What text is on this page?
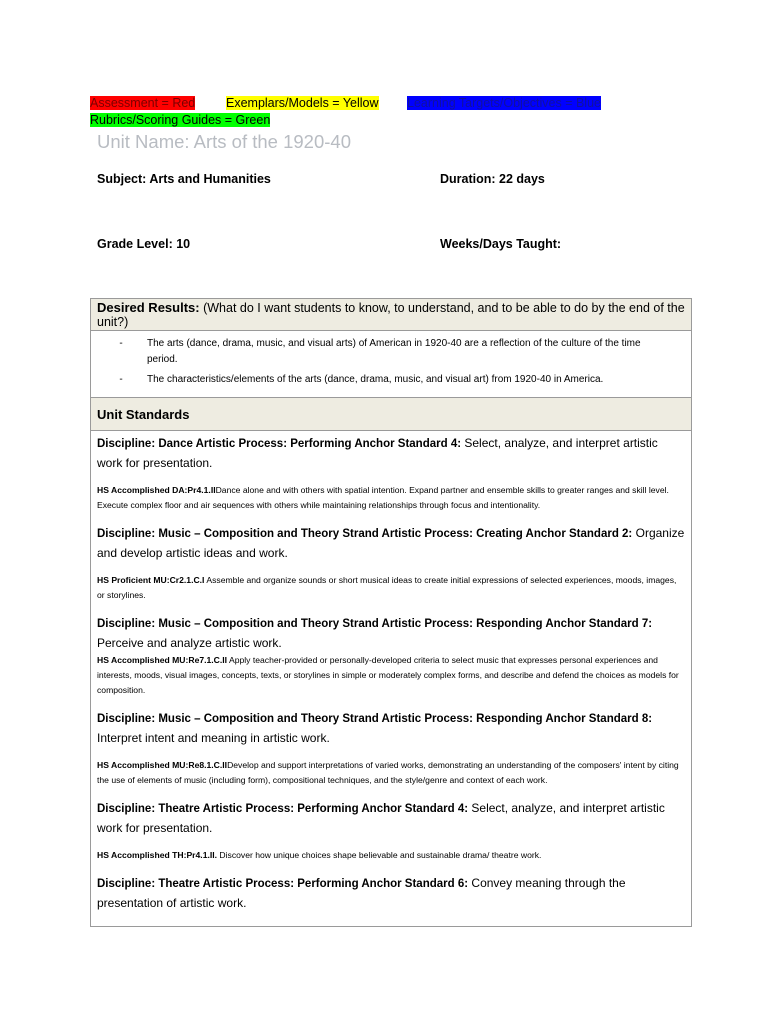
Assessment = Red Exemplars/Models = Yellow Learning Targets/Objectives = Blue
Rubrics/Scoring Guides = Green
Unit Name: Arts of the 1920-40
Subject: Arts and Humanities	Duration: 22 days
Grade Level: 10	Weeks/Days Taught:
Desired Results: (What do I want students to know, to understand, and to be able to do by the end of the unit?)
-	The arts (dance, drama, music, and visual arts) of American in 1920-40 are a reflection of the culture of the time period.
-	The characteristics/elements of the arts (dance, drama, music, and visual art) from 1920-40 in America.
Unit Standards

Discipline: Dance Artistic Process: Performing Anchor Standard 4: Select, analyze, and interpret artistic work for presentation.

HS Accomplished DA:Pr4.1.IIDance alone and with others with spatial intention. Expand partner and ensemble skills to greater ranges and skill level. Execute complex floor and air sequences with others while maintaining relationships through focus and intentionality.

Discipline: Music – Composition and Theory Strand Artistic Process: Creating Anchor Standard 2: Organize and develop artistic ideas and work.

HS Proficient MU:Cr2.1.C.I Assemble and organize sounds or short musical ideas to create initial expressions of selected experiences, moods, images, or storylines.

Discipline: Music – Composition and Theory Strand Artistic Process: Responding Anchor Standard 7: Perceive and analyze artistic work.

HS Accomplished MU:Re7.1.C.II Apply teacher-provided or personally-developed criteria to select music that expresses personal experiences and interests, moods, visual images, concepts, texts, or storylines in simple or moderately complex forms, and describe and defend the choices as models for composition.

Discipline: Music – Composition and Theory Strand Artistic Process: Responding Anchor Standard 8: Interpret intent and meaning in artistic work.

HS Accomplished MU:Re8.1.C.IIDevelop and support interpretations of varied works, demonstrating an understanding of the composers' intent by citing the use of elements of music (including form), compositional techniques, and the style/genre and context of each work.

Discipline: Theatre Artistic Process: Performing Anchor Standard 4: Select, analyze, and interpret artistic work for presentation.

HS Accomplished TH:Pr4.1.II. Discover how unique choices shape believable and sustainable drama/ theatre work.

Discipline: Theatre Artistic Process: Performing Anchor Standard 6: Convey meaning through the presentation of artistic work.
